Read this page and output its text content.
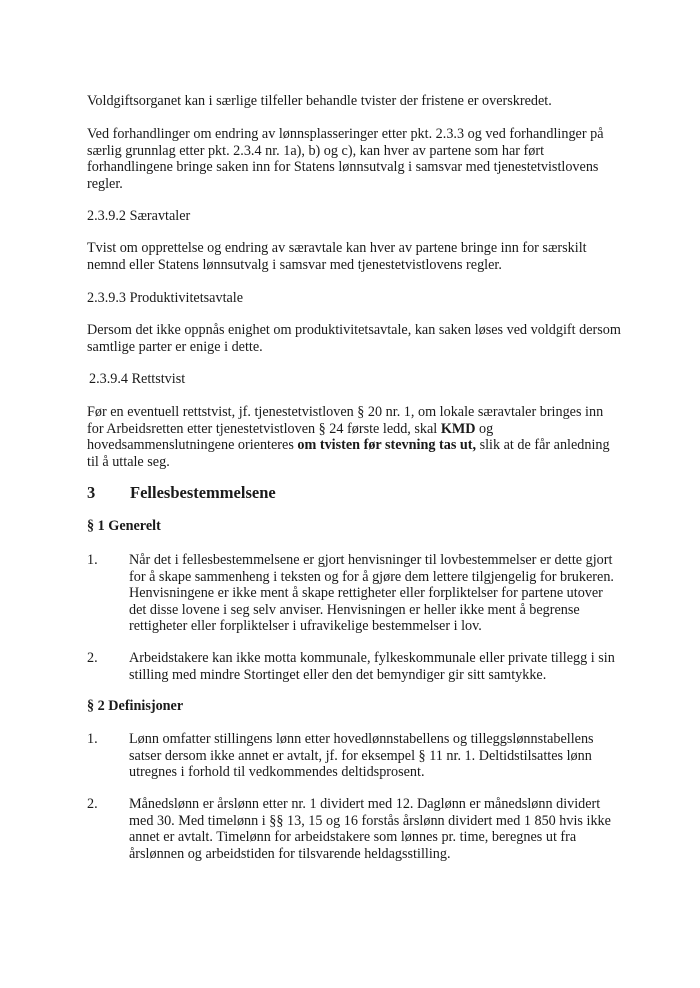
Voldgiftsorganet kan i særlige tilfeller behandle tvister der fristene er overskredet.
Ved forhandlinger om endring av lønnsplasseringer etter pkt. 2.3.3 og ved forhandlinger på
særlig grunnlag etter pkt. 2.3.4 nr. 1a), b) og c), kan hver av partene som har ført
forhandlingene bringe saken inn for Statens lønnsutvalg i samsvar med tjenestetvistlovens
regler.
2.3.9.2 Særavtaler
Tvist om opprettelse og endring av særavtale kan hver av partene bringe inn for særskilt
nemnd eller Statens lønnsutvalg i samsvar med tjenestetvistlovens regler.
2.3.9.3 Produktivitetsavtale
Dersom det ikke oppnås enighet om produktivitetsavtale, kan saken løses ved voldgift dersom
samtlige parter er enige i dette.
2.3.9.4 Rettstvist
Før en eventuell rettstvist, jf. tjenestetvistloven § 20 nr. 1, om lokale særavtaler bringes inn
for Arbeidsretten etter tjenestetvistloven § 24 første ledd, skal KMD og
hovedsammenslutningene orienteres om tvisten før stevning tas ut, slik at de får anledning
til å uttale seg.
3 Fellesbestemmelsene
§ 1 Generelt
1. Når det i fellesbestemmelsene er gjort henvisninger til lovbestemmelser er dette gjort
for å skape sammenheng i teksten og for å gjøre dem lettere tilgjengelig for brukeren.
Henvisningene er ikke ment å skape rettigheter eller forpliktelser for partene utover
det disse lovene i seg selv anviser. Henvisningen er heller ikke ment å begrense
rettigheter eller forpliktelser i ufravikelige bestemmelser i lov.
2. Arbeidstakere kan ikke motta kommunale, fylkeskommunale eller private tillegg i sin
stilling med mindre Stortinget eller den det bemyndiger gir sitt samtykke.
§ 2 Definisjoner
1. Lønn omfatter stillingens lønn etter hovedlønnstabellens og tilleggslønnstabellens
satser dersom ikke annet er avtalt, jf. for eksempel § 11 nr. 1. Deltidstilsattes lønn
utregnes i forhold til vedkommendes deltidsprosent.
2. Månedslønn er årslønn etter nr. 1 dividert med 12. Daglønn er månedslønn dividert
med 30. Med timelønn i §§ 13, 15 og 16 forstås årslønn dividert med 1 850 hvis ikke
annet er avtalt. Timelønn for arbeidstakere som lønnes pr. time, beregnes ut fra
årslønnen og arbeidstiden for tilsvarende heldagsstilling.
